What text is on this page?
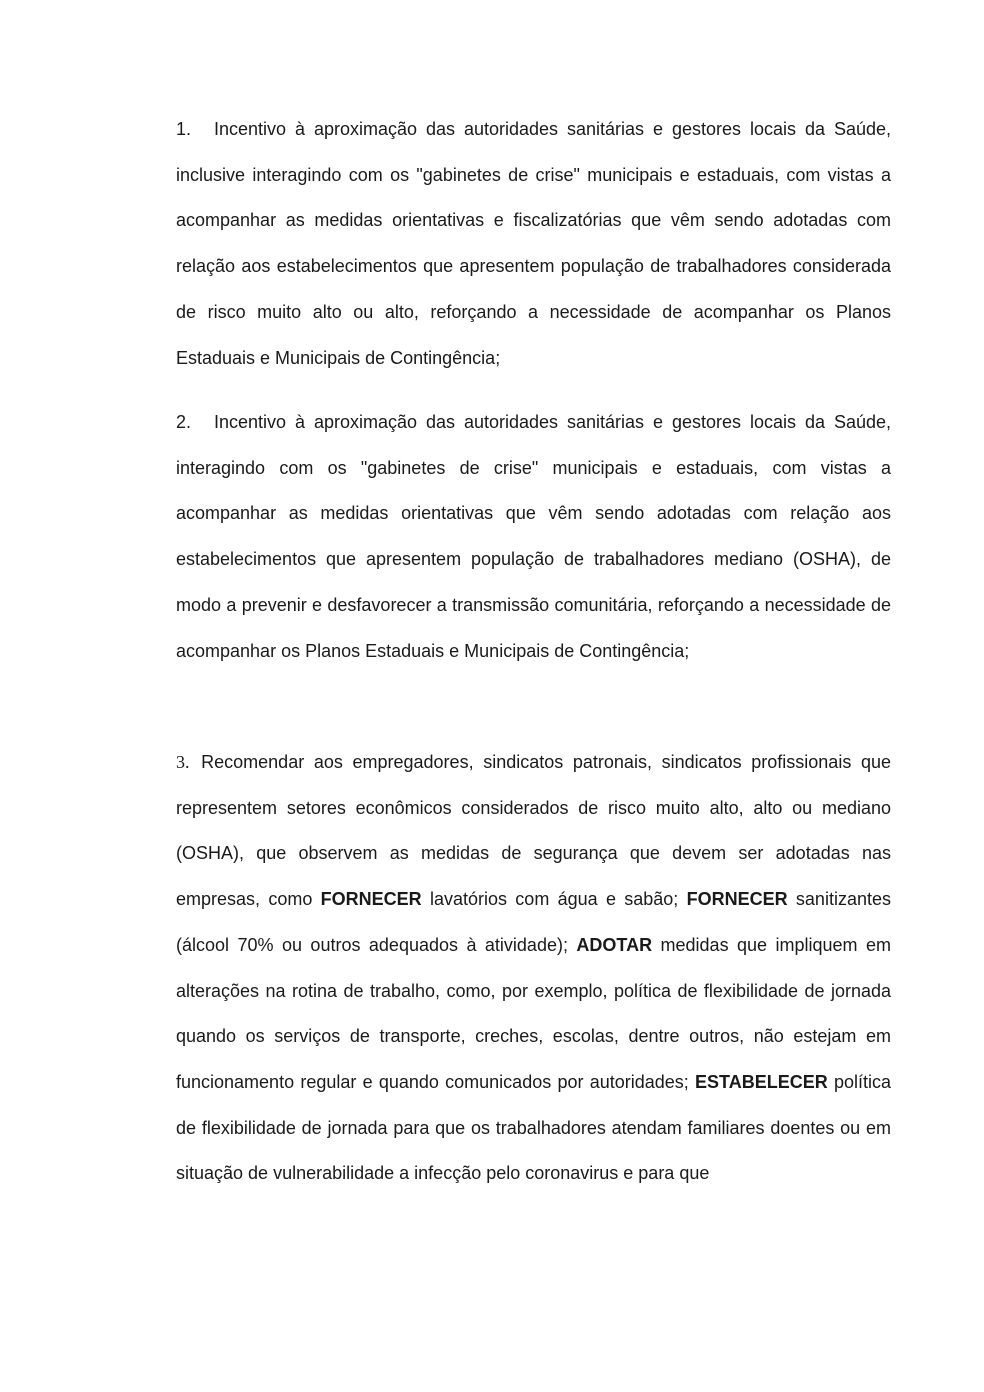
1. Incentivo à aproximação das autoridades sanitárias e gestores locais da Saúde, inclusive interagindo com os "gabinetes de crise" municipais e estaduais, com vistas a acompanhar as medidas orientativas e fiscalizatórias que vêm sendo adotadas com relação aos estabelecimentos que apresentem população de trabalhadores considerada de risco muito alto ou alto, reforçando a necessidade de acompanhar os Planos Estaduais e Municipais de Contingência;

2. Incentivo à aproximação das autoridades sanitárias e gestores locais da Saúde, interagindo com os "gabinetes de crise" municipais e estaduais, com vistas a acompanhar as medidas orientativas que vêm sendo adotadas com relação aos estabelecimentos que apresentem população de trabalhadores mediano (OSHA), de modo a prevenir e desfavorecer a transmissão comunitária, reforçando a necessidade de acompanhar os Planos Estaduais e Municipais de Contingência;

3. Recomendar aos empregadores, sindicatos patronais, sindicatos profissionais que representem setores econômicos considerados de risco muito alto, alto ou mediano (OSHA), que observem as medidas de segurança que devem ser adotadas nas empresas, como FORNECER lavatórios com água e sabão; FORNECER sanitizantes (álcool 70% ou outros adequados à atividade); ADOTAR medidas que impliquem em alterações na rotina de trabalho, como, por exemplo, política de flexibilidade de jornada quando os serviços de transporte, creches, escolas, dentre outros, não estejam em funcionamento regular e quando comunicados por autoridades; ESTABELECER política de flexibilidade de jornada para que os trabalhadores atendam familiares doentes ou em situação de vulnerabilidade a infecção pelo coronavirus e para que
